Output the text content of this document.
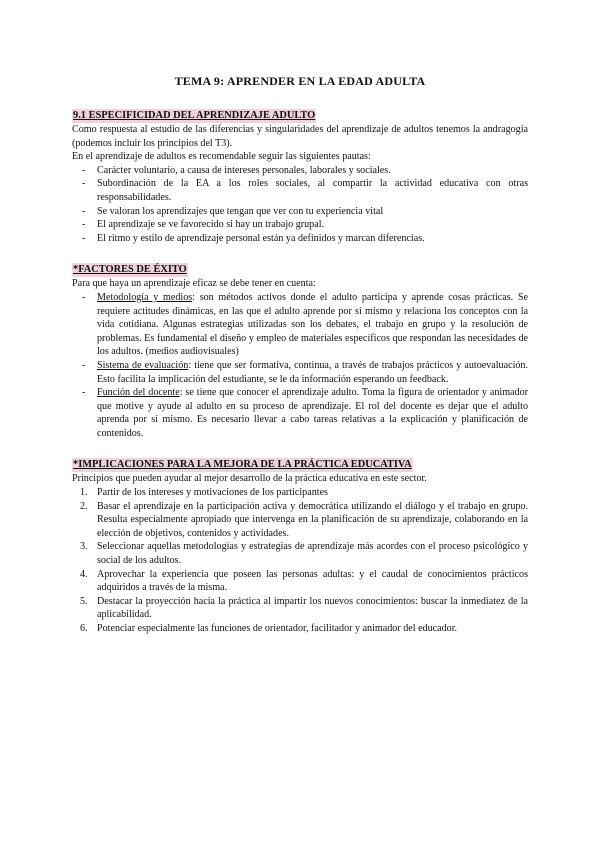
TEMA 9: APRENDER EN LA EDAD ADULTA
9.1 ESPECIFICIDAD DEL APRENDIZAJE ADULTO

Como respuesta al estudio de las diferencias y singularidades del aprendizaje de adultos tenemos la andragogía (podemos incluir los principios del T3).

En el aprendizaje de adultos es recomendable seguir las siguientes pautas:

- Carácter voluntario, a causa de intereses personales, laborales y sociales.
- Subordinación de la EA a los roles sociales, al compartir la actividad educativa con otras responsabilidades.
- Se valoran los aprendizajes que tengan que ver con tu experiencia vital
- El aprendizaje se ve favorecido si hay un trabajo grupal.
- El ritmo y estilo de aprendizaje personal están ya definidos y marcan diferencias.
*FACTORES DE ÉXITO

Para que haya un aprendizaje eficaz se debe tener en cuenta:

- Metodología y medios: son métodos activos donde el adulto participa y aprende cosas prácticas. Se requiere actitudes dinámicas, en las que el adulto aprende por sí mismo y relaciona los conceptos con la vida cotidiana. Algunas estrategias utilizadas son los debates, el trabajo en grupo y la resolución de problemas. Es fundamental el diseño y empleo de materiales específicos que respondan las necesidades de los adultos. (medios audiovisuales)
- Sistema de evaluación: tiene que ser formativa, continua, a través de trabajos prácticos y autoevaluación. Esto facilita la implicación del estudiante, se le da información esperando un feedback.
- Función del docente: se tiene que conocer el aprendizaje adulto. Toma la figura de orientador y animador que motive y ayude al adulto en su proceso de aprendizaje. El rol del docente es dejar que el adulto aprenda por sí mismo. Es necesario llevar a cabo tareas relativas a la explicación y planificación de contenidos.
*IMPLICACIONES PARA LA MEJORA DE LA PRÁCTICA EDUCATIVA

Principios que pueden ayudar al mejor desarrollo de la práctica educativa en este sector.

1. Partir de los intereses y motivaciones de los participantes
2. Basar el aprendizaje en la participación activa y democrática utilizando el diálogo y el trabajo en grupo. Resulta especialmente apropiado que intervenga en la planificación de su aprendizaje, colaborando en la elección de objetivos, contenidos y actividades.
3. Seleccionar aquellas metodologías y estrategias de aprendizaje más acordes con el proceso psicológico y social de los adultos.
4. Aprovechar la experiencia que poseen las personas adultas: y el caudal de conocimientos prácticos adquiridos a través de la misma.
5. Destacar la proyección hacia la práctica al impartir los nuevos conocimientos: buscar la inmediatez de la aplicabilidad.
6. Potenciar especialmente las funciones de orientador, facilitador y animador del educador.
